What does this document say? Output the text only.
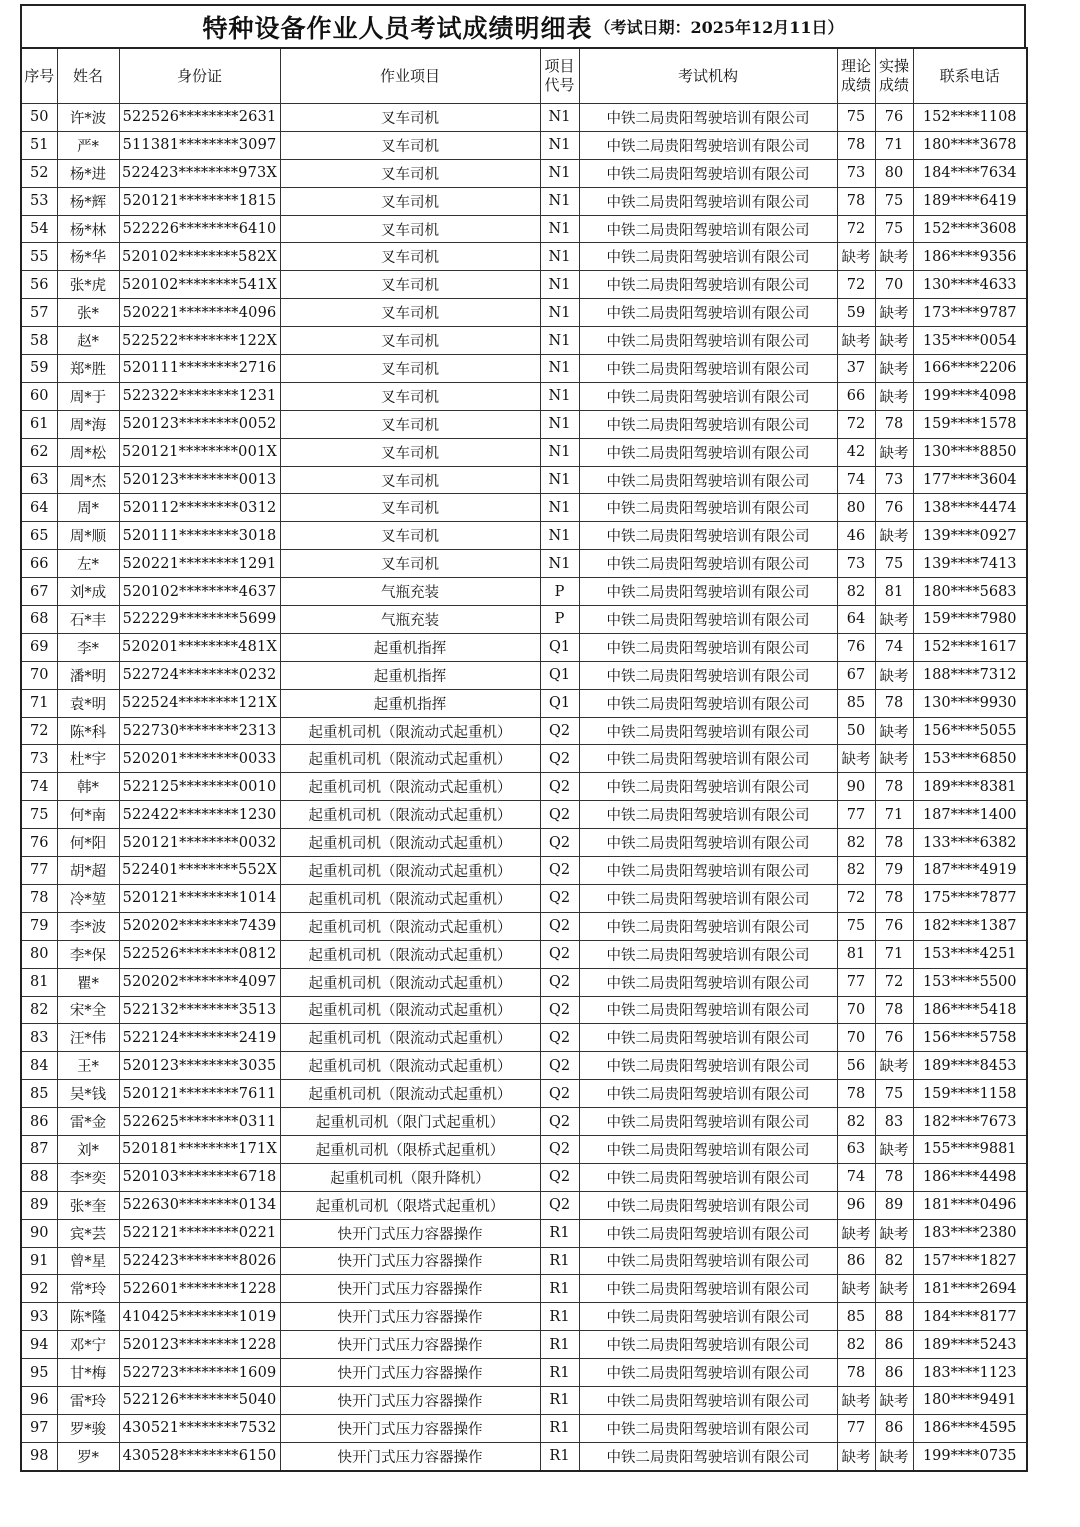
特种设备作业人员考试成绩明细表 （考试日期：2025年12月11日）
序号	姓名	身份证	作业项目	项目代号	考试机构	理论成绩	实操成绩	联系电话
50	许*波	522526********2631	叉车司机	N1	中铁二局贵阳驾驶培训有限公司	75	76	152****1108
51	严*	511381********3097	叉车司机	N1	中铁二局贵阳驾驶培训有限公司	78	71	180****3678
52	杨*进	522423********973X	叉车司机	N1	中铁二局贵阳驾驶培训有限公司	73	80	184****7634
53	杨*辉	520121********1815	叉车司机	N1	中铁二局贵阳驾驶培训有限公司	78	75	189****6419
54	杨*林	522226********6410	叉车司机	N1	中铁二局贵阳驾驶培训有限公司	72	75	152****3608
55	杨*华	520102********582X	叉车司机	N1	中铁二局贵阳驾驶培训有限公司	缺考	缺考	186****9356
56	张*虎	520102********541X	叉车司机	N1	中铁二局贵阳驾驶培训有限公司	72	70	130****4633
57	张*	520221********4096	叉车司机	N1	中铁二局贵阳驾驶培训有限公司	59	缺考	173****9787
58	赵*	522522********122X	叉车司机	N1	中铁二局贵阳驾驶培训有限公司	缺考	缺考	135****0054
59	郑*胜	520111********2716	叉车司机	N1	中铁二局贵阳驾驶培训有限公司	37	缺考	166****2206
60	周*于	522322********1231	叉车司机	N1	中铁二局贵阳驾驶培训有限公司	66	缺考	199****4098
61	周*海	520123********0052	叉车司机	N1	中铁二局贵阳驾驶培训有限公司	72	78	159****1578
62	周*松	520121********001X	叉车司机	N1	中铁二局贵阳驾驶培训有限公司	42	缺考	130****8850
63	周*杰	520123********0013	叉车司机	N1	中铁二局贵阳驾驶培训有限公司	74	73	177****3604
64	周*	520112********0312	叉车司机	N1	中铁二局贵阳驾驶培训有限公司	80	76	138****4474
65	周*顺	520111********3018	叉车司机	N1	中铁二局贵阳驾驶培训有限公司	46	缺考	139****0927
66	左*	520221********1291	叉车司机	N1	中铁二局贵阳驾驶培训有限公司	73	75	139****7413
67	刘*成	520102********4637	气瓶充装	P	中铁二局贵阳驾驶培训有限公司	82	81	180****5683
68	石*丰	522229********5699	气瓶充装	P	中铁二局贵阳驾驶培训有限公司	64	缺考	159****7980
69	李*	520201********481X	起重机指挥	Q1	中铁二局贵阳驾驶培训有限公司	76	74	152****1617
70	潘*明	522724********0232	起重机指挥	Q1	中铁二局贵阳驾驶培训有限公司	67	缺考	188****7312
71	袁*明	522524********121X	起重机指挥	Q1	中铁二局贵阳驾驶培训有限公司	85	78	130****9930
72	陈*科	522730********2313	起重机司机（限流动式起重机）	Q2	中铁二局贵阳驾驶培训有限公司	50	缺考	156****5055
73	杜*宇	520201********0033	起重机司机（限流动式起重机）	Q2	中铁二局贵阳驾驶培训有限公司	缺考	缺考	153****6850
74	韩*	522125********0010	起重机司机（限流动式起重机）	Q2	中铁二局贵阳驾驶培训有限公司	90	78	189****8381
75	何*南	522422********1230	起重机司机（限流动式起重机）	Q2	中铁二局贵阳驾驶培训有限公司	77	71	187****1400
76	何*阳	520121********0032	起重机司机（限流动式起重机）	Q2	中铁二局贵阳驾驶培训有限公司	82	78	133****6382
77	胡*超	522401********552X	起重机司机（限流动式起重机）	Q2	中铁二局贵阳驾驶培训有限公司	82	79	187****4919
78	冷*堃	520121********1014	起重机司机（限流动式起重机）	Q2	中铁二局贵阳驾驶培训有限公司	72	78	175****7877
79	李*波	520202********7439	起重机司机（限流动式起重机）	Q2	中铁二局贵阳驾驶培训有限公司	75	76	182****1387
80	李*保	522526********0812	起重机司机（限流动式起重机）	Q2	中铁二局贵阳驾驶培训有限公司	81	71	153****4251
81	瞿*	520202********4097	起重机司机（限流动式起重机）	Q2	中铁二局贵阳驾驶培训有限公司	77	72	153****5500
82	宋*全	522132********3513	起重机司机（限流动式起重机）	Q2	中铁二局贵阳驾驶培训有限公司	70	78	186****5418
83	汪*伟	522124********2419	起重机司机（限流动式起重机）	Q2	中铁二局贵阳驾驶培训有限公司	70	76	156****5758
84	王*	520123********3035	起重机司机（限流动式起重机）	Q2	中铁二局贵阳驾驶培训有限公司	56	缺考	189****8453
85	吴*钱	520121********7611	起重机司机（限流动式起重机）	Q2	中铁二局贵阳驾驶培训有限公司	78	75	159****1158
86	雷*金	522625********0311	起重机司机（限门式起重机）	Q2	中铁二局贵阳驾驶培训有限公司	82	83	182****7673
87	刘*	520181********171X	起重机司机（限桥式起重机）	Q2	中铁二局贵阳驾驶培训有限公司	63	缺考	155****9881
88	李*奕	520103********6718	起重机司机（限升降机）	Q2	中铁二局贵阳驾驶培训有限公司	74	78	186****4498
89	张*奎	522630********0134	起重机司机（限塔式起重机）	Q2	中铁二局贵阳驾驶培训有限公司	96	89	181****0496
90	宾*芸	522121********0221	快开门式压力容器操作	R1	中铁二局贵阳驾驶培训有限公司	缺考	缺考	183****2380
91	曾*星	522423********8026	快开门式压力容器操作	R1	中铁二局贵阳驾驶培训有限公司	86	82	157****1827
92	常*玲	522601********1228	快开门式压力容器操作	R1	中铁二局贵阳驾驶培训有限公司	缺考	缺考	181****2694
93	陈*隆	410425********1019	快开门式压力容器操作	R1	中铁二局贵阳驾驶培训有限公司	85	88	184****8177
94	邓*宁	520123********1228	快开门式压力容器操作	R1	中铁二局贵阳驾驶培训有限公司	82	86	189****5243
95	甘*梅	522723********1609	快开门式压力容器操作	R1	中铁二局贵阳驾驶培训有限公司	78	86	183****1123
96	雷*玲	522126********5040	快开门式压力容器操作	R1	中铁二局贵阳驾驶培训有限公司	缺考	缺考	180****9491
97	罗*骏	430521********7532	快开门式压力容器操作	R1	中铁二局贵阳驾驶培训有限公司	77	86	186****4595
98	罗*	430528********6150	快开门式压力容器操作	R1	中铁二局贵阳驾驶培训有限公司	缺考	缺考	199****0735
